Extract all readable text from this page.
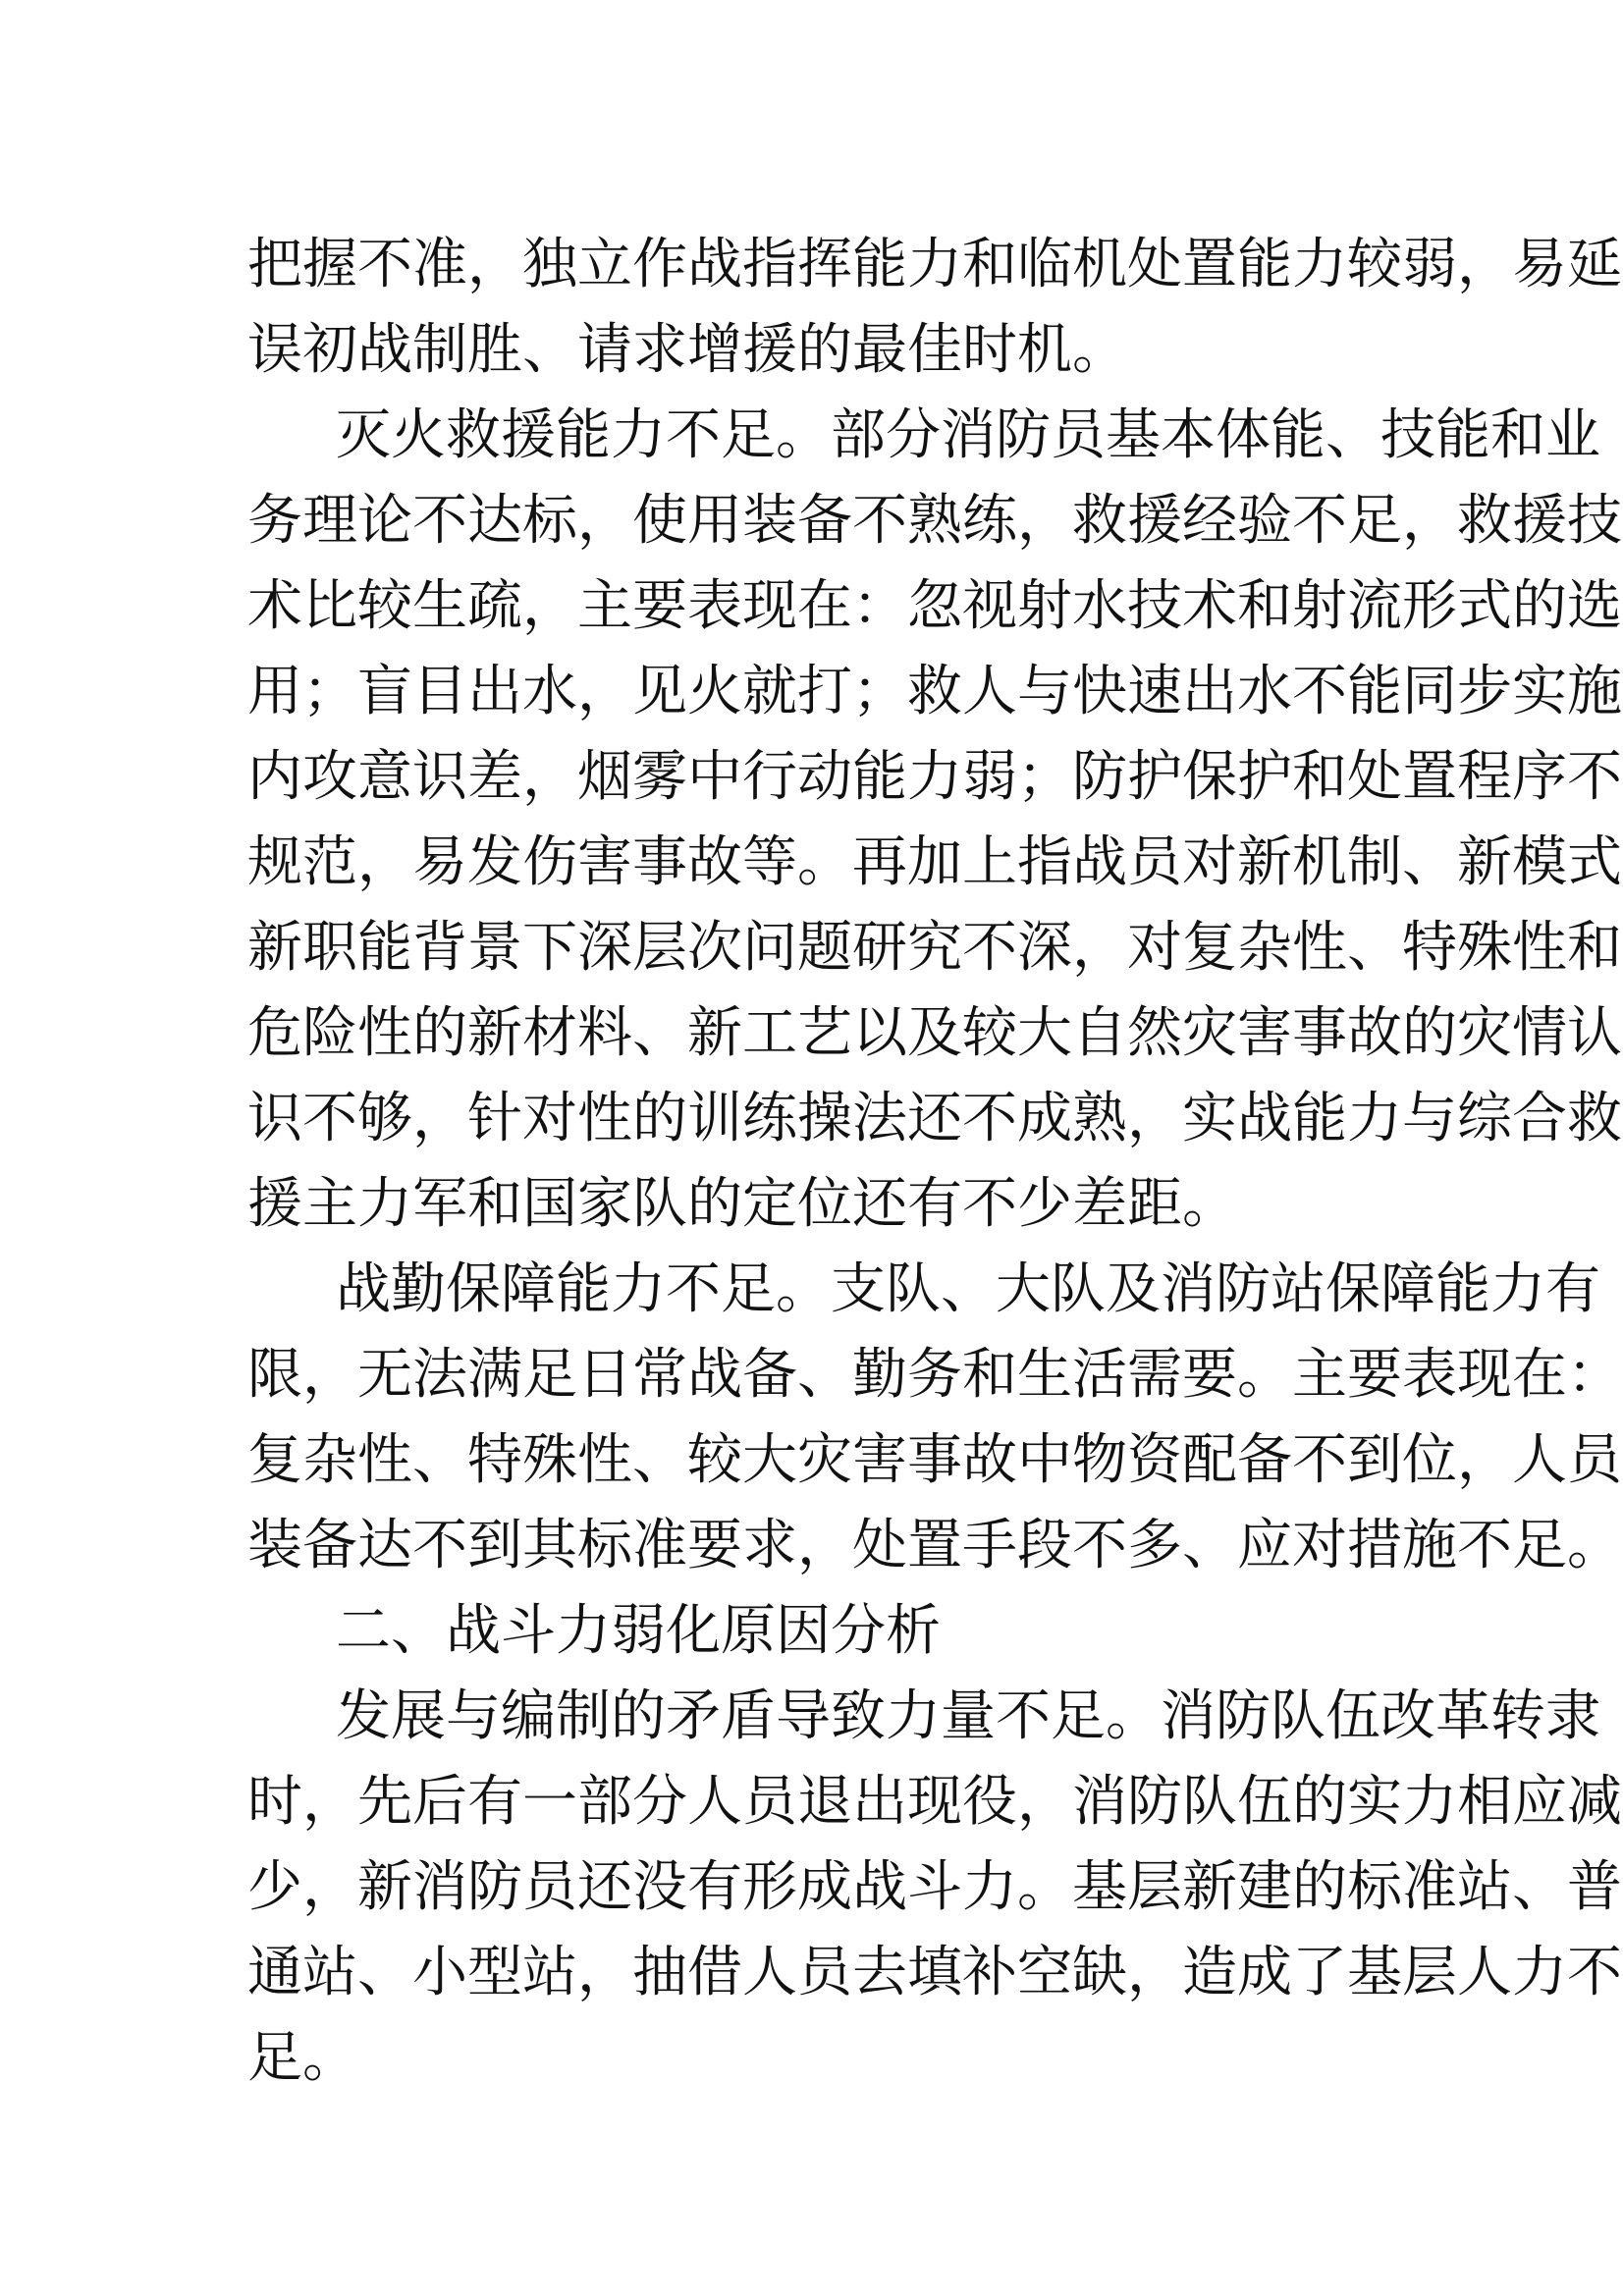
把握不准，独立作战指挥能力和临机处置能力较弱，易延
误初战制胜、请求增援的最佳时机。
灭火救援能力不足。部分消防员基本体能、技能和业
务理论不达标，使用装备不熟练，救援经验不足，救援技
术比较生疏，主要表现在：忽视射水技术和射流形式的选
用；盲目出水，见火就打；救人与快速出水不能同步实施
内攻意识差，烟雾中行动能力弱；防护保护和处置程序不
规范，易发伤害事故等。再加上指战员对新机制、新模式
新职能背景下深层次问题研究不深，对复杂性、特殊性和
危险性的新材料、新工艺以及较大自然灾害事故的灾情认
识不够，针对性的训练操法还不成熟，实战能力与综合救
援主力军和国家队的定位还有不少差距。
战勤保障能力不足。支队、大队及消防站保障能力有
限，无法满足日常战备、勤务和生活需要。主要表现在：
复杂性、特殊性、较大灾害事故中物资配备不到位，人员
装备达不到其标准要求，处置手段不多、应对措施不足。
二、战斗力弱化原因分析
发展与编制的矛盾导致力量不足。消防队伍改革转隶
时，先后有一部分人员退出现役，消防队伍的实力相应减
少，新消防员还没有形成战斗力。基层新建的标准站、普
通站、小型站，抽借人员去填补空缺，造成了基层人力不
足。
